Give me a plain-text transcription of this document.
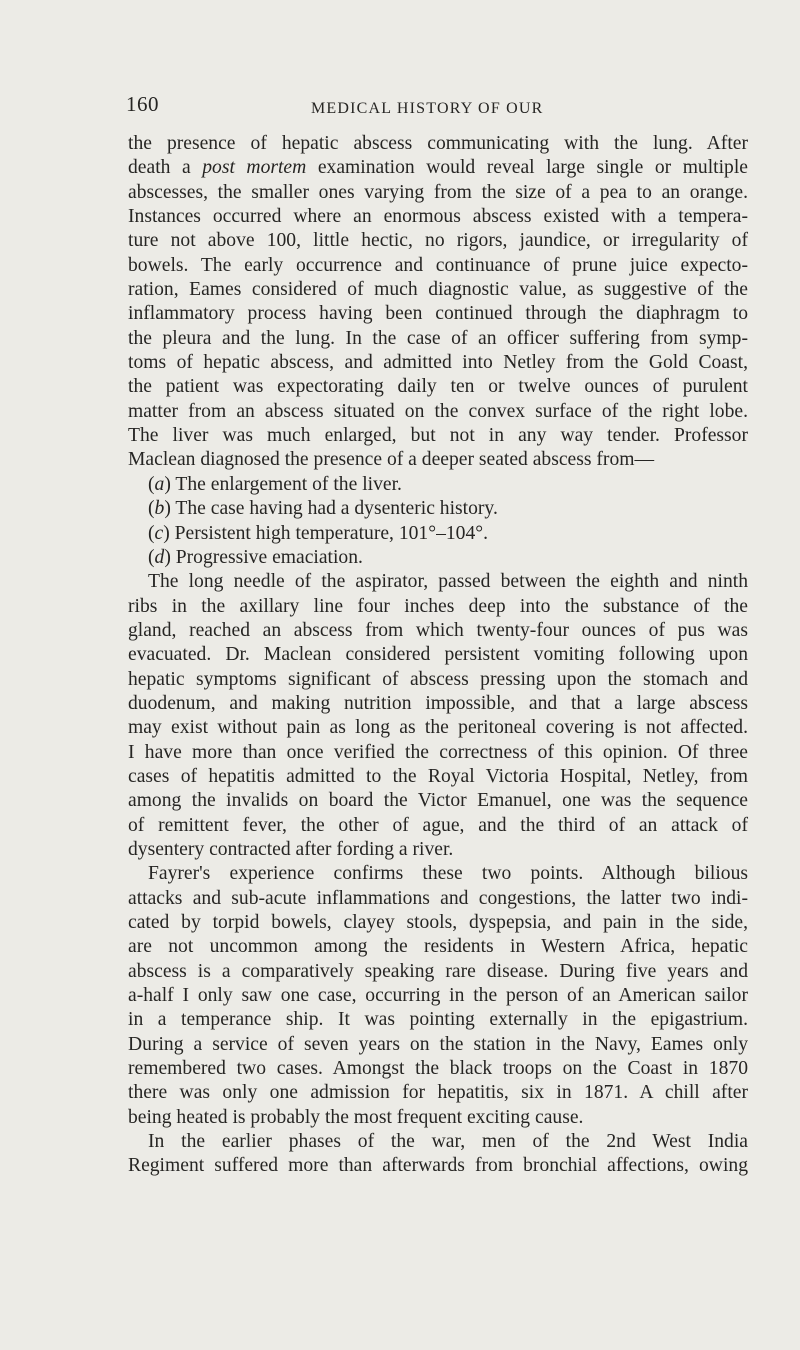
160	MEDICAL HISTORY OF OUR
the presence of hepatic abscess communicating with the lung. After
death a post mortem examination would reveal large single or multiple
abscesses, the smaller ones varying from the size of a pea to an orange.
Instances occurred where an enormous abscess existed with a tempera-
ture not above 100, little hectic, no rigors, jaundice, or irregularity of
bowels. The early occurrence and continuance of prune juice expecto-
ration, Eames considered of much diagnostic value, as suggestive of the
inflammatory process having been continued through the diaphragm to
the pleura and the lung. In the case of an officer suffering from symp-
toms of hepatic abscess, and admitted into Netley from the Gold Coast,
the patient was expectorating daily ten or twelve ounces of purulent
matter from an abscess situated on the convex surface of the right lobe.
The liver was much enlarged, but not in any way tender. Professor
Maclean diagnosed the presence of a deeper seated abscess from—
(a) The enlargement of the liver.
(b) The case having had a dysenteric history.
(c) Persistent high temperature, 101°–104°.
(d) Progressive emaciation.
The long needle of the aspirator, passed between the eighth and ninth
ribs in the axillary line four inches deep into the substance of the
gland, reached an abscess from which twenty-four ounces of pus was
evacuated. Dr. Maclean considered persistent vomiting following upon
hepatic symptoms significant of abscess pressing upon the stomach and
duodenum, and making nutrition impossible, and that a large abscess
may exist without pain as long as the peritoneal covering is not affected.
I have more than once verified the correctness of this opinion. Of three
cases of hepatitis admitted to the Royal Victoria Hospital, Netley, from
among the invalids on board the Victor Emanuel, one was the sequence
of remittent fever, the other of ague, and the third of an attack of
dysentery contracted after fording a river.
Fayrer's experience confirms these two points. Although bilious
attacks and sub-acute inflammations and congestions, the latter two indi-
cated by torpid bowels, clayey stools, dyspepsia, and pain in the side,
are not uncommon among the residents in Western Africa, hepatic
abscess is a comparatively speaking rare disease. During five years and
a-half I only saw one case, occurring in the person of an American sailor
in a temperance ship. It was pointing externally in the epigastrium.
During a service of seven years on the station in the Navy, Eames only
remembered two cases. Amongst the black troops on the Coast in 1870
there was only one admission for hepatitis, six in 1871. A chill after
being heated is probably the most frequent exciting cause.
In the earlier phases of the war, men of the 2nd West India
Regiment suffered more than afterwards from bronchial affections, owing
